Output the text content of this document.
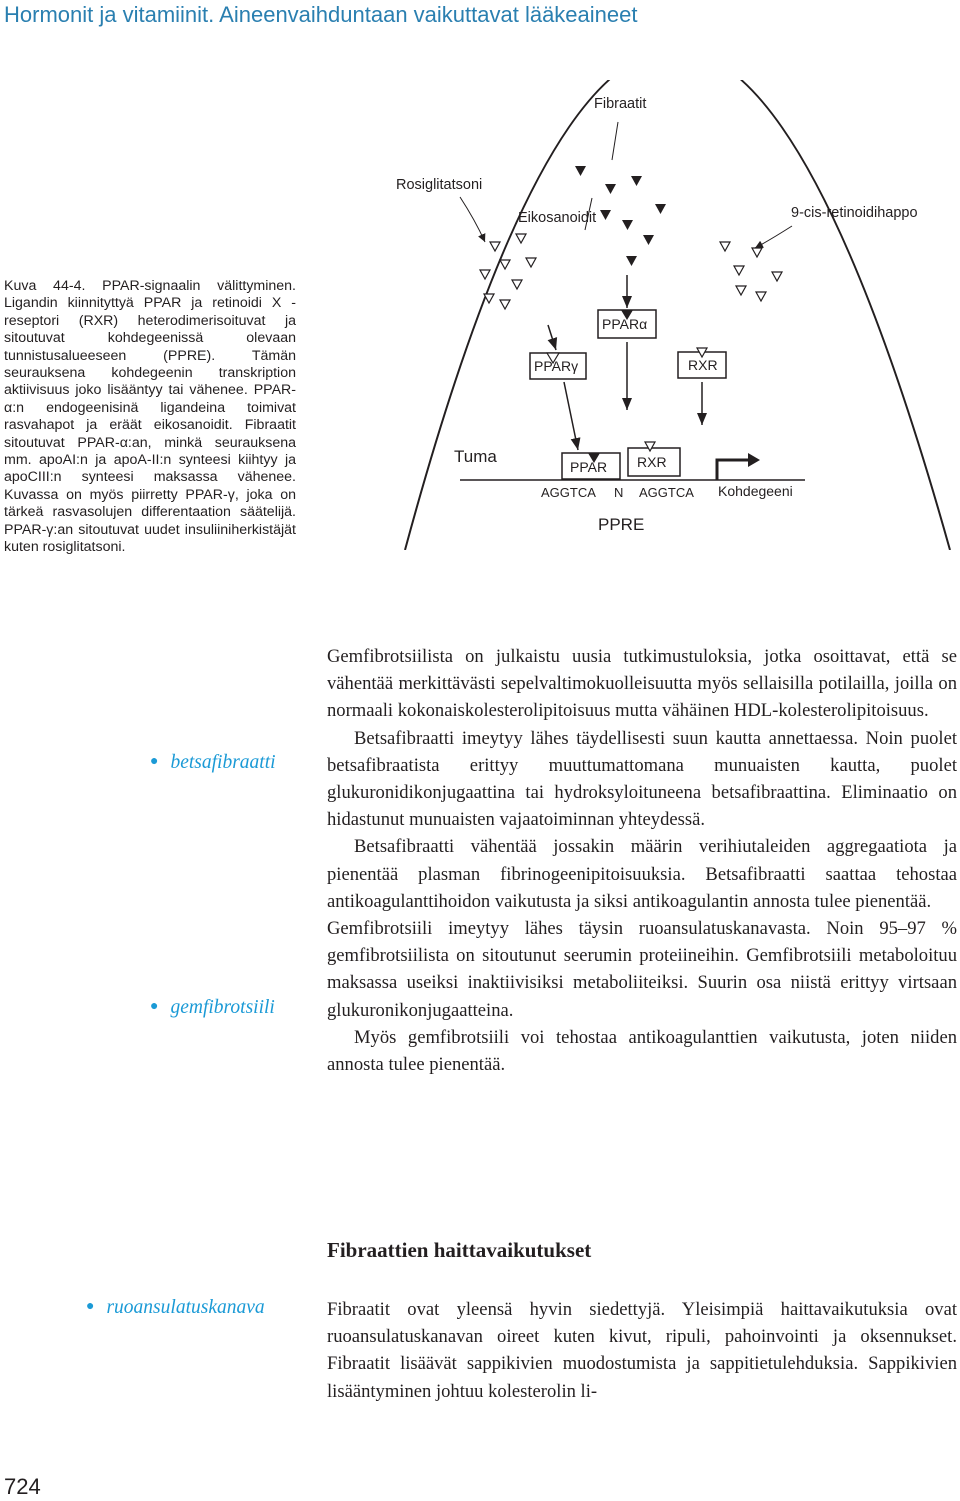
Hormonit ja vitamiinit. Aineenvaihduntaan vaikuttavat lääkeaineet
Kuva 44-4. PPAR-signaalin välittyminen. Ligandin kiinnityttyä PPAR ja retinoidi X -reseptori (RXR) heterodimerisoituvat ja sitoutuvat kohdegeenissä olevaan tunnistusalueeseen (PPRE). Tämän seurauksena kohdegeenin transkription aktiivisuus joko lisääntyy tai vähenee. PPAR-α:n endogeenisinä ligandeina toimivat rasvahapot ja eräät eikosanoidit. Fibraatit sitoutuvat PPAR-α:an, minkä seurauksena mm. apoAI:n ja apoA-II:n synteesi kiihtyy ja apoCIII:n synteesi maksassa vähenee. Kuvassa on myös piirretty PPAR-γ, joka on tärkeä rasvasolujen differentaation säätelijä. PPAR-γ:an sitoutuvat uudet insuliiniherkistäjät kuten rosiglitatsoni.
Fibraatit
Rosiglitatsoni
Eikosanoidit	9-cis-retinoidihappo
PPARα
PPARγ	RXR
Tuma
PPAR RXR
AGGTCA N AGGTCA Kohdegeeni
PPRE
● betsafibraatti
● gemfibrotsiili
● ruoansulatuskanava

Gemfibrotsiilista on julkaistu uusia tutkimustuloksia, jotka osoittavat, että se vähentää merkittävästi sepelvaltimokuolleisuutta myös sellaisilla potilailla, joilla on normaali kokonaiskolesterolipitoisuus mutta vähäinen HDL-kolesterolipitoisuus.

Betsafibraatti imeytyy lähes täydellisesti suun kautta annettaessa. Noin puolet betsafibraatista erittyy muuttumattomana munuaisten kautta, puolet glukuronidikonjugaattina tai hydroksyloituneena betsafibraattina. Eliminaatio on hidastunut munuaisten vajaatoiminnan yhteydessä.

Betsafibraatti vähentää jossakin määrin verihiutaleiden aggregaatiota ja pienentää plasman fibrinogeenipitoisuuksia. Betsafibraatti saattaa tehostaa antikoagulanttihoidon vaikutusta ja siksi antikoagulantin annosta tulee pienentää.

Gemfibrotsiili imeytyy lähes täysin ruoansulatuskanavasta. Noin 95–97 % gemfibrotsiilista on sitoutunut seerumin proteiineihin. Gemfibrotsiili metaboloituu maksassa useiksi inaktiivisiksi metaboliiteiksi. Suurin osa niistä erittyy virtsaan glukuronikonjugaatteina.

Myös gemfibrotsiili voi tehostaa antikoagulanttien vaikutusta, joten niiden annosta tulee pienentää.

Fibraattien haittavaikutukset

Fibraatit ovat yleensä hyvin siedettyjä. Yleisimpiä haittavaikutuksia ovat ruoansulatuskanavan oireet kuten kivut, ripuli, pahoinvointi ja oksennukset. Fibraatit lisäävät sappikivien muodostumista ja sappitietulehduksia. Sappikivien lisääntyminen johtuu kolesterolin li-

724
